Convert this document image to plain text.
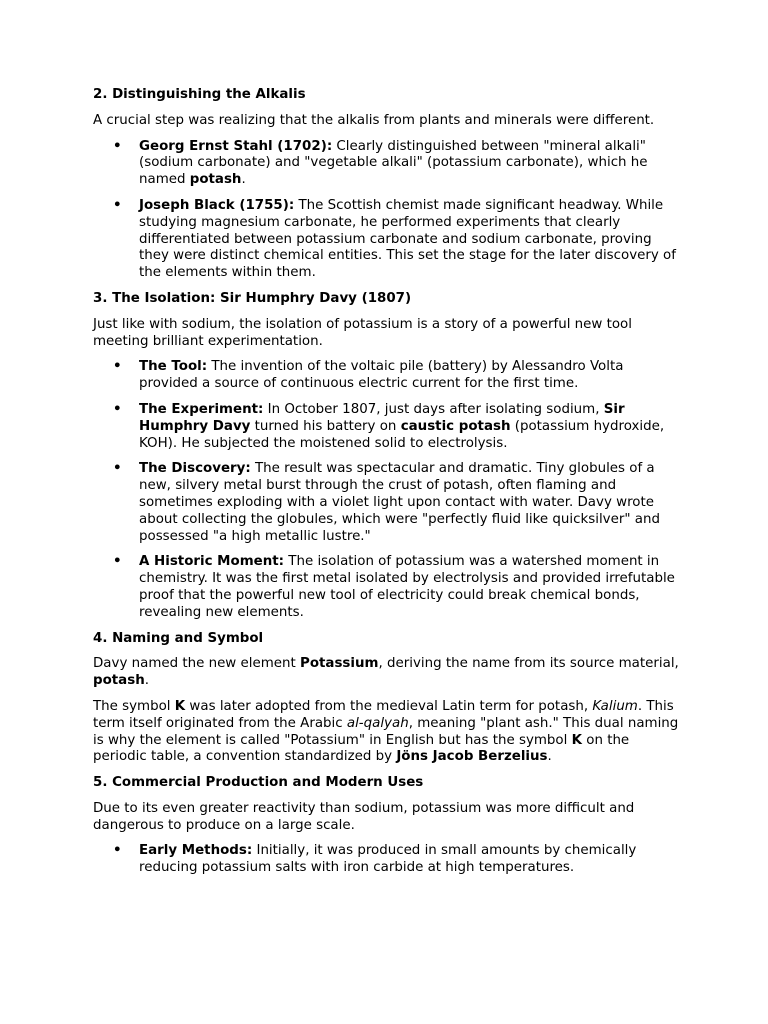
2. Distinguishing the Alkalis

A crucial step was realizing that the alkalis from plants and minerals were different.

• Georg Ernst Stahl (1702): Clearly distinguished between "mineral alkali" (sodium carbonate) and "vegetable alkali" (potassium carbonate), which he named potash.
• Joseph Black (1755): The Scottish chemist made significant headway. While studying magnesium carbonate, he performed experiments that clearly differentiated between potassium carbonate and sodium carbonate, proving they were distinct chemical entities. This set the stage for the later discovery of the elements within them.
3. The Isolation: Sir Humphry Davy (1807)

Just like with sodium, the isolation of potassium is a story of a powerful new tool meeting brilliant experimentation.

• The Tool: The invention of the voltaic pile (battery) by Alessandro Volta provided a source of continuous electric current for the first time.
• The Experiment: In October 1807, just days after isolating sodium, Sir Humphry Davy turned his battery on caustic potash (potassium hydroxide, KOH). He subjected the moistened solid to electrolysis.
• The Discovery: The result was spectacular and dramatic. Tiny globules of a new, silvery metal burst through the crust of potash, often flaming and sometimes exploding with a violet light upon contact with water. Davy wrote about collecting the globules, which were "perfectly fluid like quicksilver" and possessed "a high metallic lustre."
• A Historic Moment: The isolation of potassium was a watershed moment in chemistry. It was the first metal isolated by electrolysis and provided irrefutable proof that the powerful new tool of electricity could break chemical bonds, revealing new elements.
4. Naming and Symbol

Davy named the new element Potassium, deriving the name from its source material, potash.

The symbol K was later adopted from the medieval Latin term for potash, Kalium. This term itself originated from the Arabic al-qalyah, meaning "plant ash." This dual naming is why the element is called "Potassium" in English but has the symbol K on the periodic table, a convention standardized by Jöns Jacob Berzelius.

5. Commercial Production and Modern Uses

Due to its even greater reactivity than sodium, potassium was more difficult and dangerous to produce on a large scale.

• Early Methods: Initially, it was produced in small amounts by chemically reducing potassium salts with iron carbide at high temperatures.
